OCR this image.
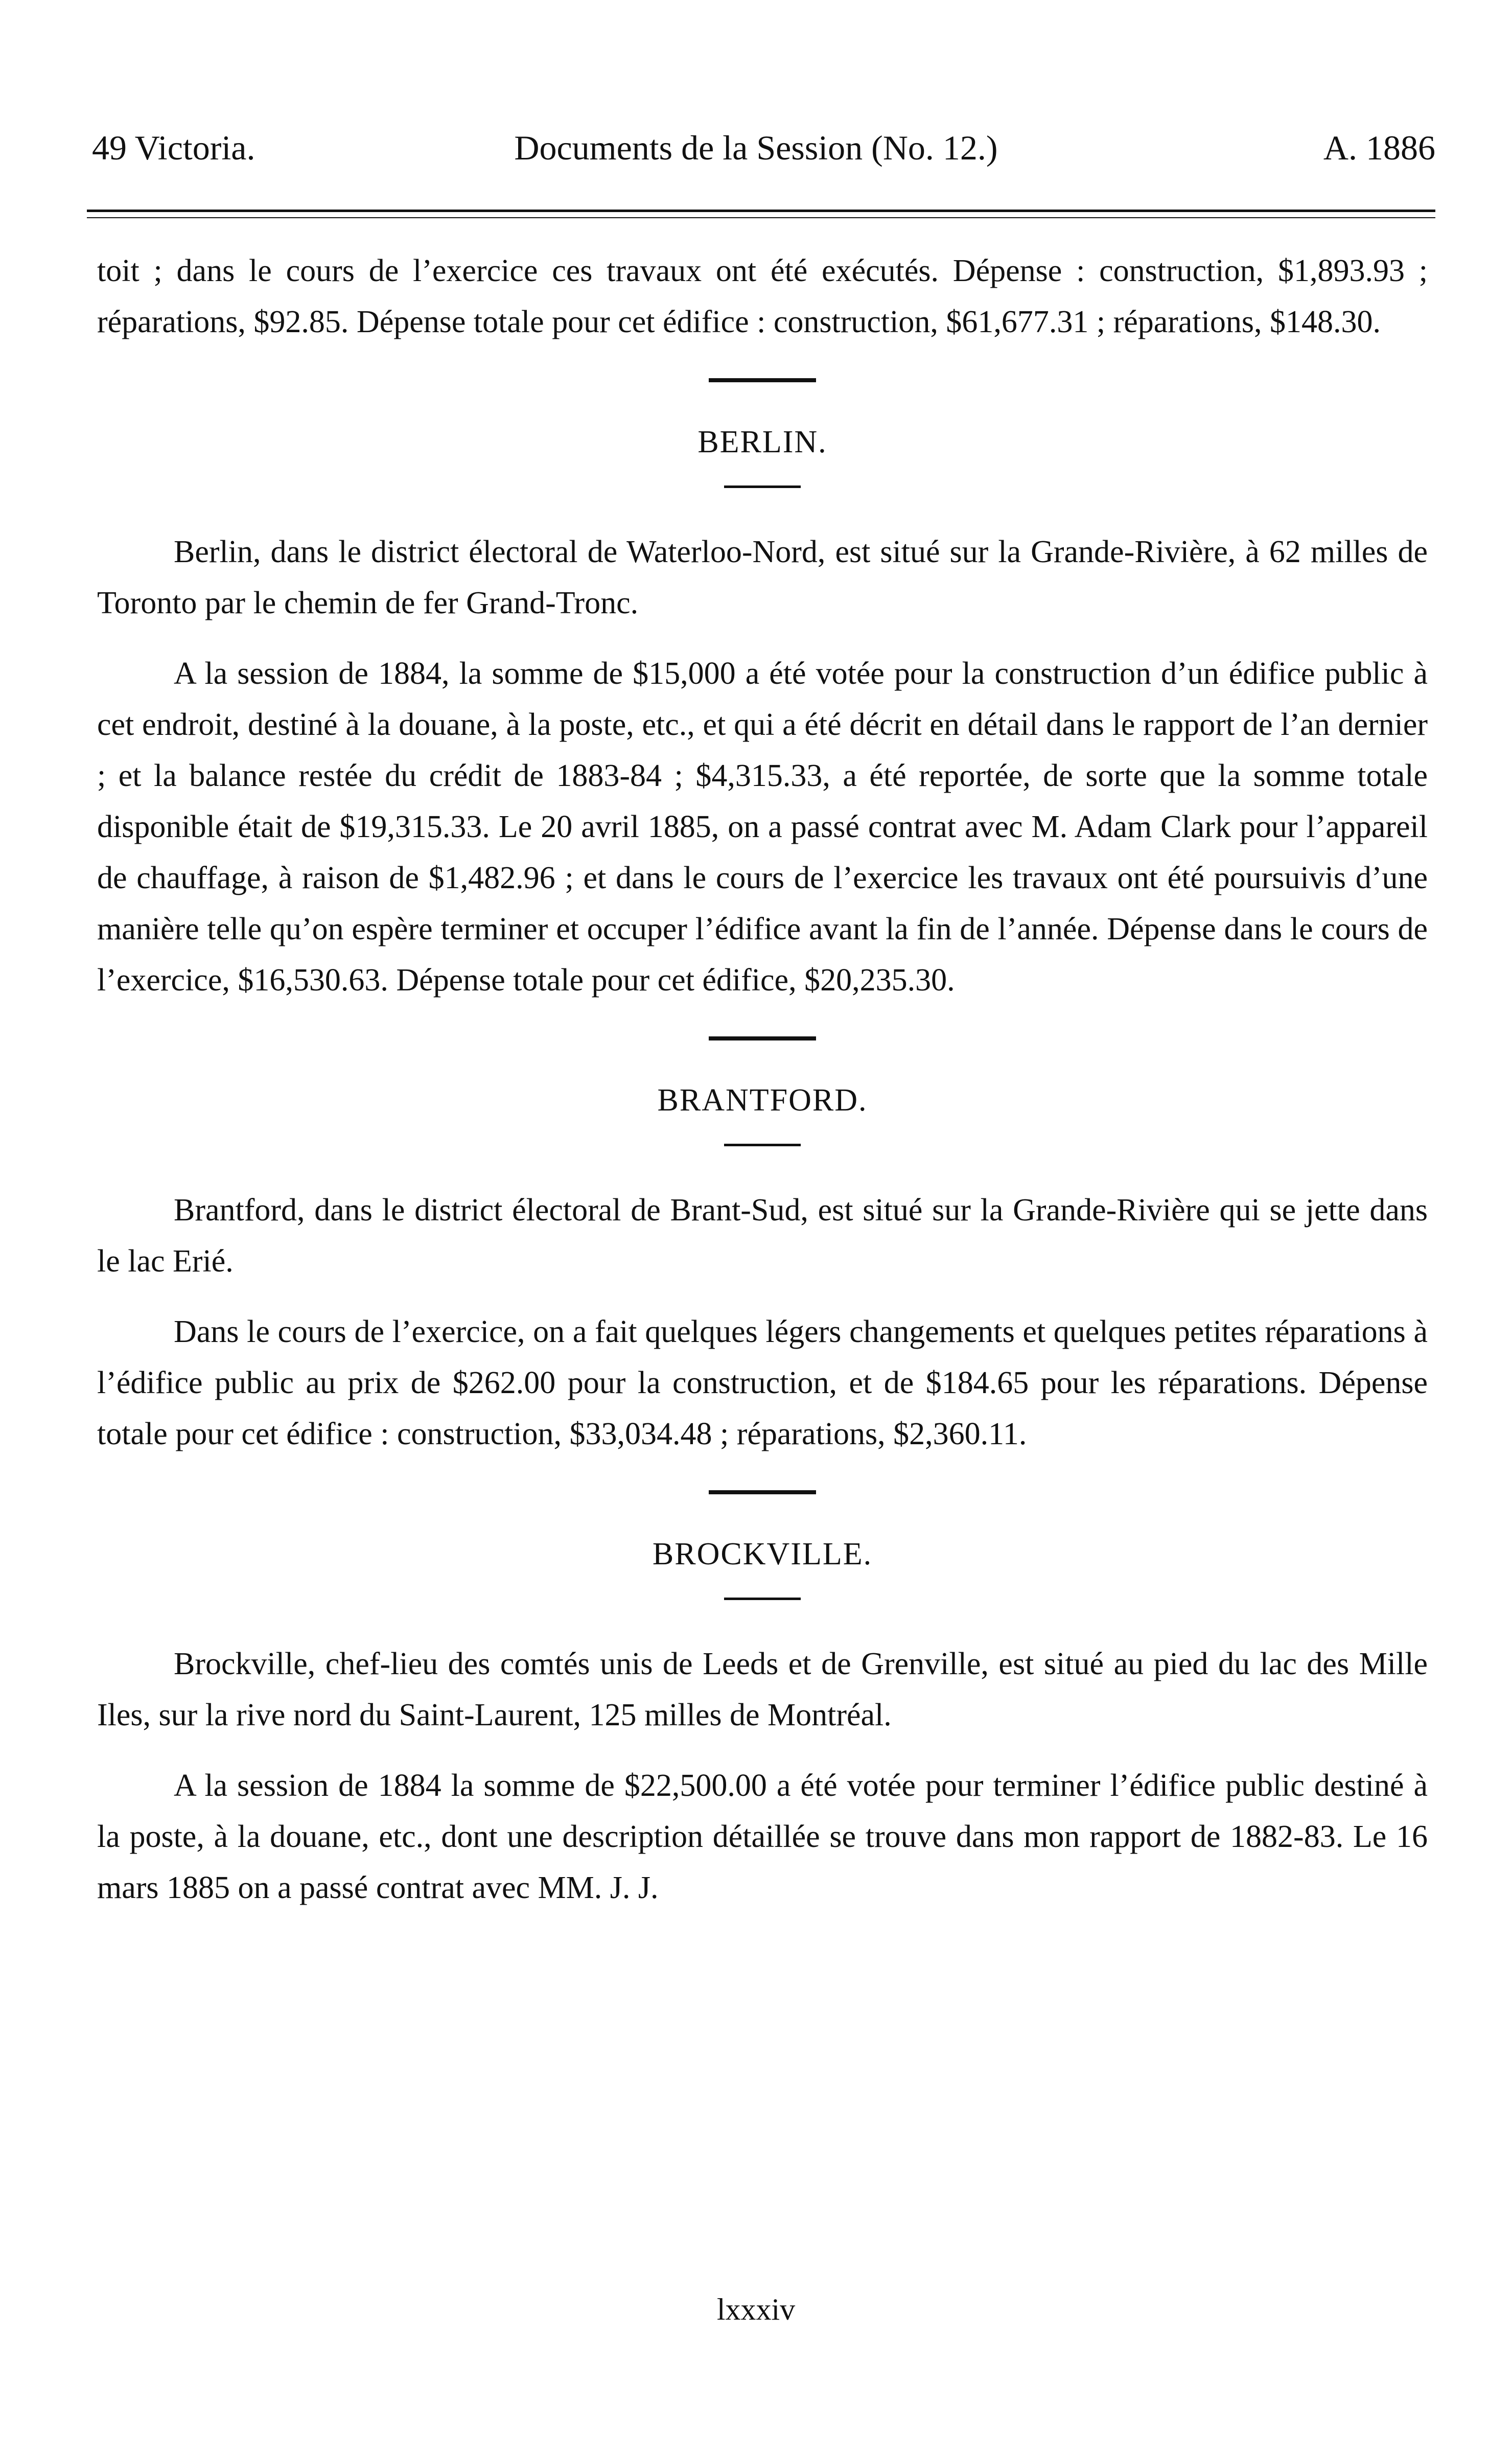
49 Victoria.	Documents de la Session (No. 12.)	A. 1886

toit ; dans le cours de l’exercice ces travaux ont été exécutés. Dépense : construction, $1,893.93 ; réparations, $92.85. Dépense totale pour cet édifice : construction, $61,677.31 ; réparations, $148.30.

BERLIN.

Berlin, dans le district électoral de Waterloo-Nord, est situé sur la Grande-Rivière, à 62 milles de Toronto par le chemin de fer Grand-Tronc.

A la session de 1884, la somme de $15,000 a été votée pour la construction d’un édifice public à cet endroit, destiné à la douane, à la poste, etc., et qui a été décrit en détail dans le rapport de l’an dernier ; et la balance restée du crédit de 1883-84 ; $4,315.33, a été reportée, de sorte que la somme totale disponible était de $19,315.33. Le 20 avril 1885, on a passé contrat avec M. Adam Clark pour l’appareil de chauffage, à raison de $1,482.96 ; et dans le cours de l’exercice les travaux ont été poursuivis d’une manière telle qu’on espère terminer et occuper l’édifice avant la fin de l’année. Dépense dans le cours de l’exercice, $16,530.63. Dépense totale pour cet édifice, $20,235.30.

BRANTFORD.

Brantford, dans le district électoral de Brant-Sud, est situé sur la Grande-Rivière qui se jette dans le lac Erié.

Dans le cours de l’exercice, on a fait quelques légers changements et quelques petites réparations à l’édifice public au prix de $262.00 pour la construction, et de $184.65 pour les réparations. Dépense totale pour cet édifice : construction, $33,034.48 ; réparations, $2,360.11.

BROCKVILLE.

Brockville, chef-lieu des comtés unis de Leeds et de Grenville, est situé au pied du lac des Mille Iles, sur la rive nord du Saint-Laurent, 125 milles de Montréal.

A la session de 1884 la somme de $22,500.00 a été votée pour terminer l’édifice public destiné à la poste, à la douane, etc., dont une description détaillée se trouve dans mon rapport de 1882-83. Le 16 mars 1885 on a passé contrat avec MM. J. J.

lxxxiv
